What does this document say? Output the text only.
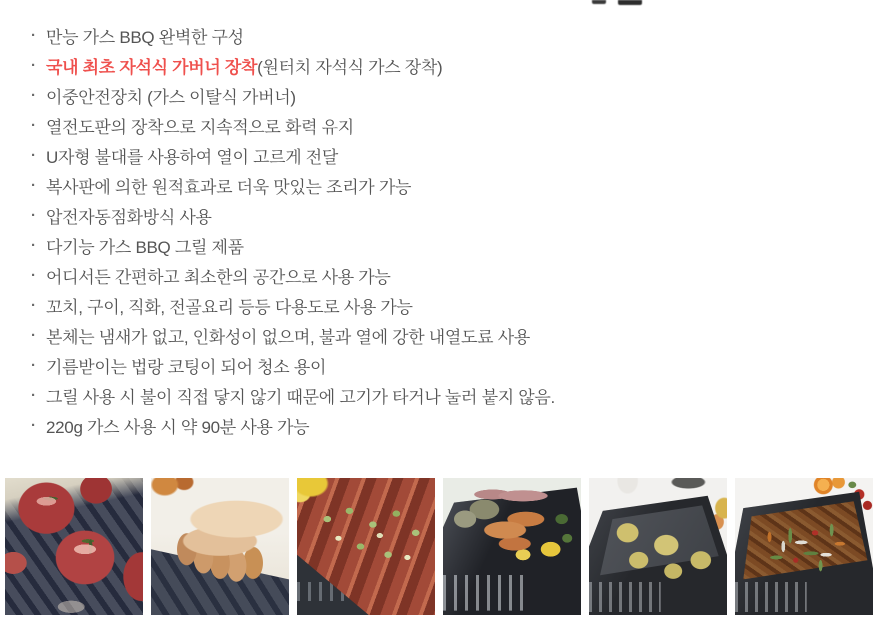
· 만능 가스 BBQ 완벽한 구성
· 국내 최초 자석식 가버너 장착 (원터치 자석식 가스 장착)
· 이중안전장치 (가스 이탈식 가버너)
· 열전도판의 장착으로 지속적으로 화력 유지
· U자형 불대를 사용하여 열이 고르게 전달
· 복사판에 의한 원적효과로 더욱 맛있는 조리가 가능
· 압전자동점화방식 사용
· 다기능 가스 BBQ 그릴 제품
· 어디서든 간편하고 최소한의 공간으로 사용 가능
· 꼬치, 구이, 직화, 전골요리 등등 다용도로 사용 가능
· 본체는 냄새가 없고, 인화성이 없으며, 불과 열에 강한 내열도료 사용
· 기름받이는 법랑 코팅이 되어 청소 용이
· 그릴 사용 시 불이 직접 닿지 않기 때문에 고기가 타거나 눌러 붙지 않음.
· 220g 가스 사용 시 약 90분 사용 가능
